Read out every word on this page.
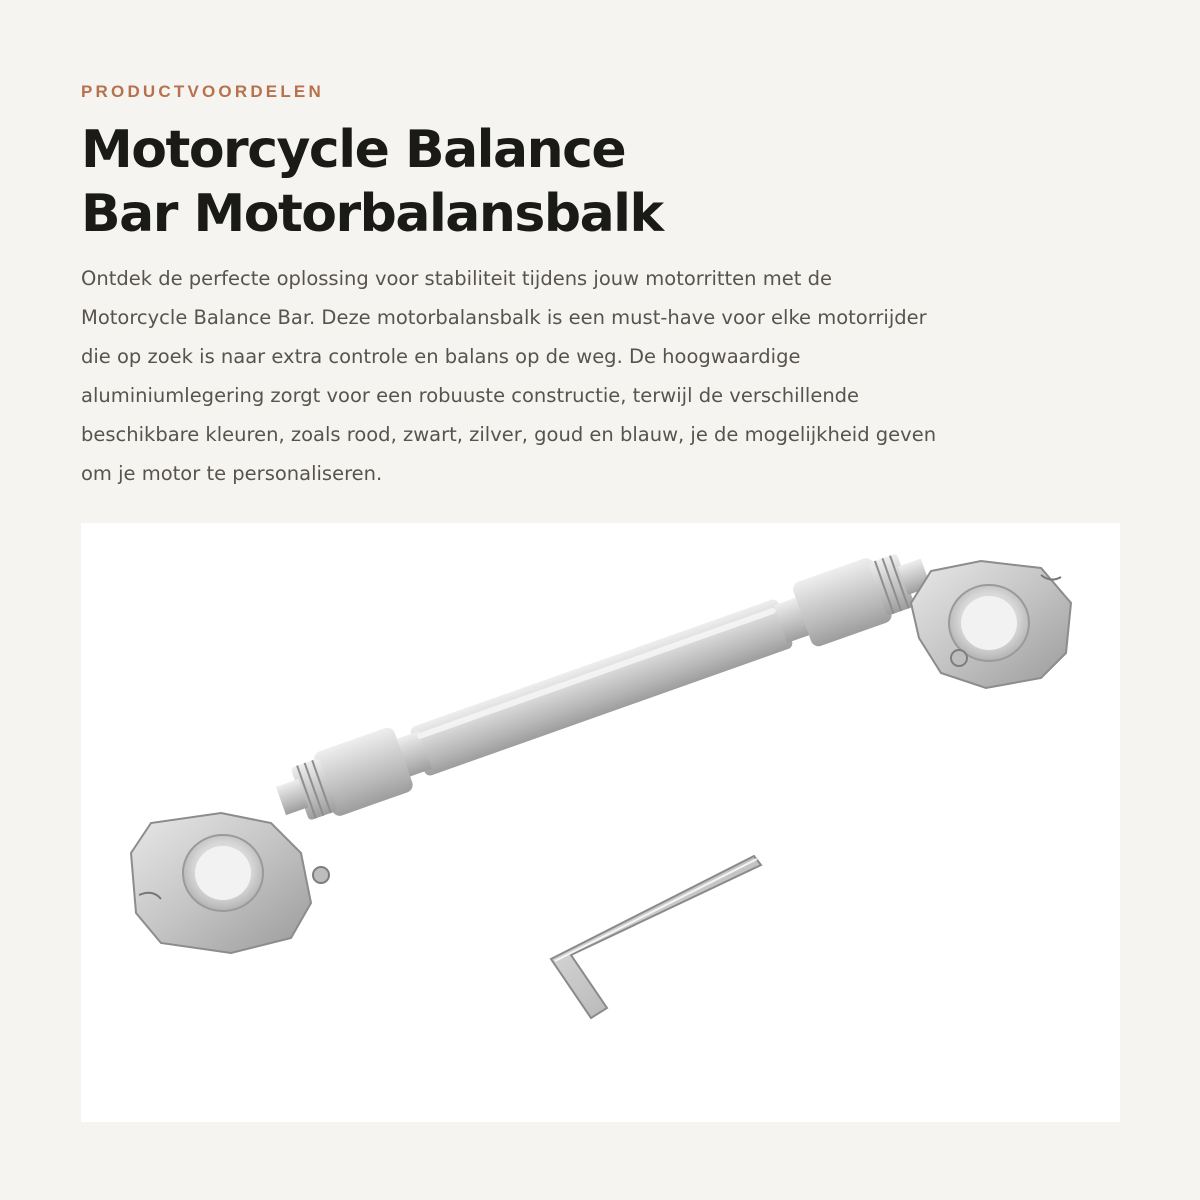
PRODUCTVOORDELEN
Motorcycle Balance
Bar Motorbalansbalk
Ontdek de perfecte oplossing voor stabiliteit tijdens jouw motorritten met de
Motorcycle Balance Bar. Deze motorbalansbalk is een must-have voor elke motorrijder
die op zoek is naar extra controle en balans op de weg. De hoogwaardige
aluminiumlegering zorgt voor een robuuste constructie, terwijl de verschillende
beschikbare kleuren, zoals rood, zwart, zilver, goud en blauw, je de mogelijkheid geven
om je motor te personaliseren.
